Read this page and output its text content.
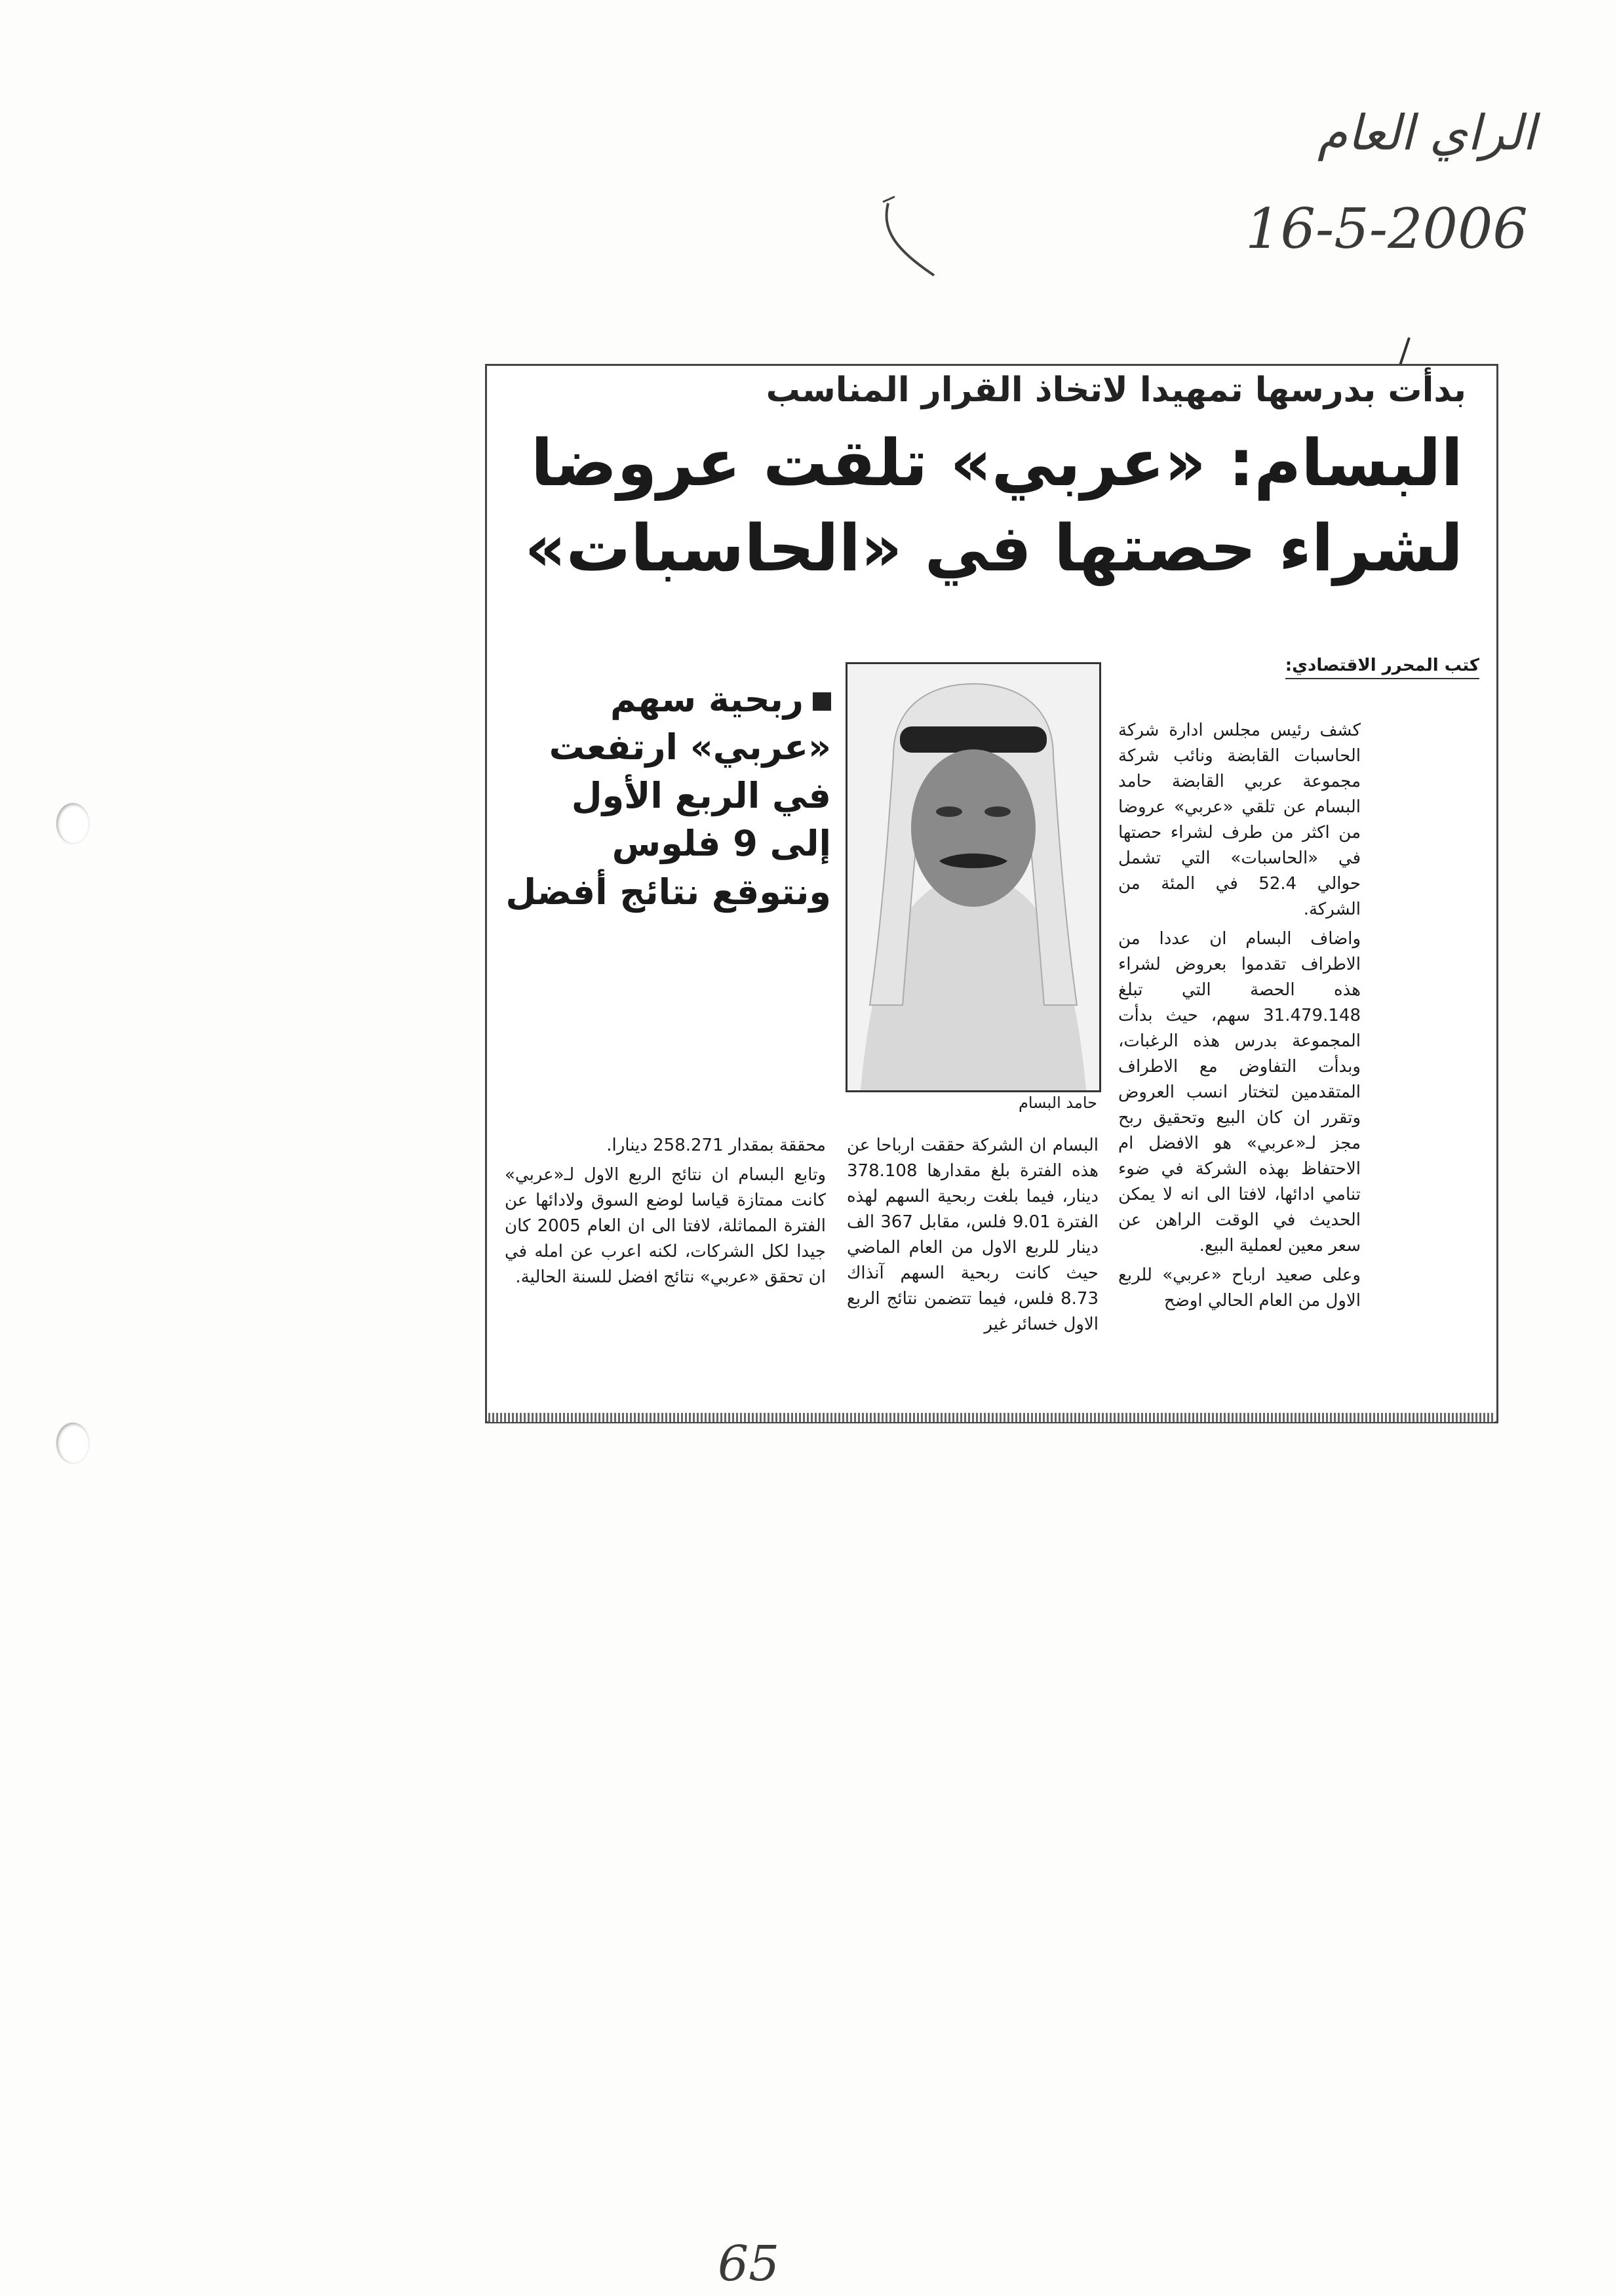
الراي العام
16-5-2006
65
بدأت بدرسها تمهيدا لاتخاذ القرار المناسب
البسام: «عربي» تلقت عروضا
لشراء حصتها في «الحاسبات»
كتب المحرر الاقتصادي:
حامد البسام
ربحية سهم «عربي» ارتفعت في الربع الأول إلى 9 فلوس ونتوقع نتائج أفضل

كشف رئيس مجلس ادارة شركة الحاسبات القابضة ونائب شركة مجموعة عربي القابضة حامد البسام عن تلقي «عربي» عروضا من اكثر من طرف لشراء حصتها في «الحاسبات» التي تشمل حوالي 52.4 في المئة من الشركة.

واضاف البسام ان عددا من الاطراف تقدموا بعروض لشراء هذه الحصة التي تبلغ 31.479.148 سهم، حيث بدأت المجموعة بدرس هذه الرغبات، وبدأت التفاوض مع الاطراف المتقدمين لتختار انسب العروض وتقرر ان كان البيع وتحقيق ربح مجز لـ«عربي» هو الافضل ام الاحتفاظ بهذه الشركة في ضوء تنامي ادائها، لافتا الى انه لا يمكن الحديث في الوقت الراهن عن سعر معين لعملية البيع.

وعلى صعيد ارباح «عربي» للربع الاول من العام الحالي اوضح

البسام ان الشركة حققت ارباحا عن هذه الفترة بلغ مقدارها 378.108 دينار، فيما بلغت ربحية السهم لهذه الفترة 9.01 فلس، مقابل 367 الف دينار للربع الاول من العام الماضي حيث كانت ربحية السهم آنذاك 8.73 فلس، فيما تتضمن نتائج الربع الاول خسائر غير

محققة بمقدار 258.271 دينارا.

وتابع البسام ان نتائج الربع الاول لـ«عربي» كانت ممتازة قياسا لوضع السوق ولادائها عن الفترة المماثلة، لافتا الى ان العام 2005 كان جيدا لكل الشركات، لكنه اعرب عن امله في ان تحقق «عربي» نتائج افضل للسنة الحالية.
